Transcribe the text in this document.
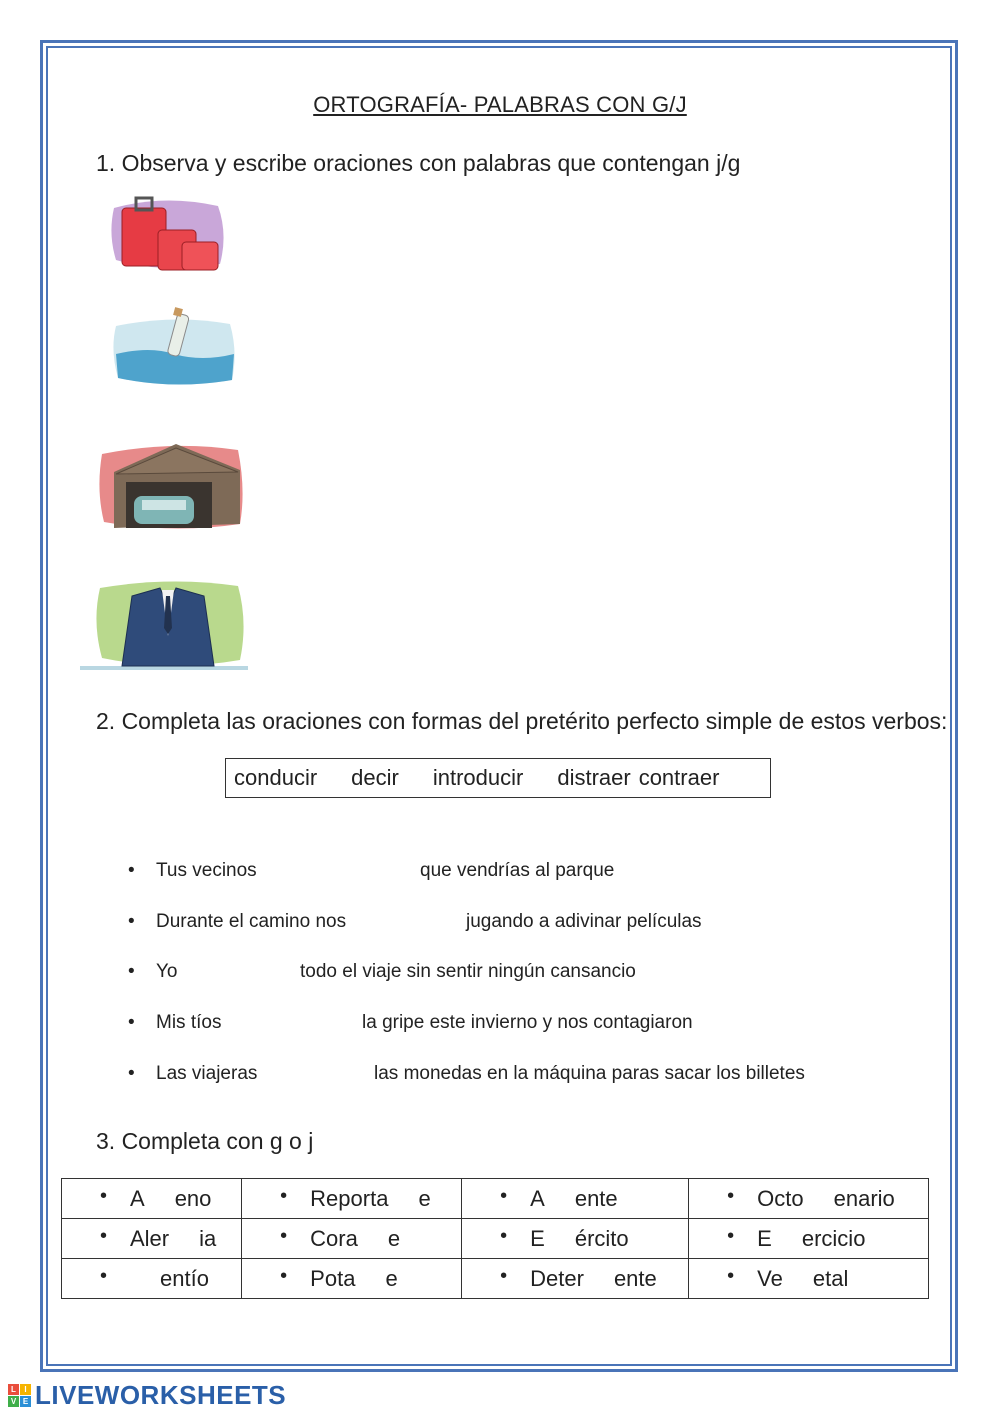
ORTOGRAFÍA- PALABRAS CON G/J
1. Observa y escribe oraciones con palabras que contengan j/g
2. Completa las oraciones con formas del pretérito perfecto simple de estos verbos:
conducir decir introducir distraer contraer
•	Tus vecinos	que vendrías al parque
•	Durante el camino nos	jugando a adivinar películas
•	Yo	todo el viaje sin sentir ningún cansancio
•	Mis tíos	la gripe este invierno y nos contagiaron
•	Las viajeras	las monedas en la máquina paras sacar los billetes
3. Completa con g o j
• A eno	• Reporta e	• A ente	• Octo enario
• Aler ia	• Cora e	• E ército	• E ercicio
• entío	• Pota e	• Deter ente	• Ve etal
L	I
V E LIVEWORKSHEETS
